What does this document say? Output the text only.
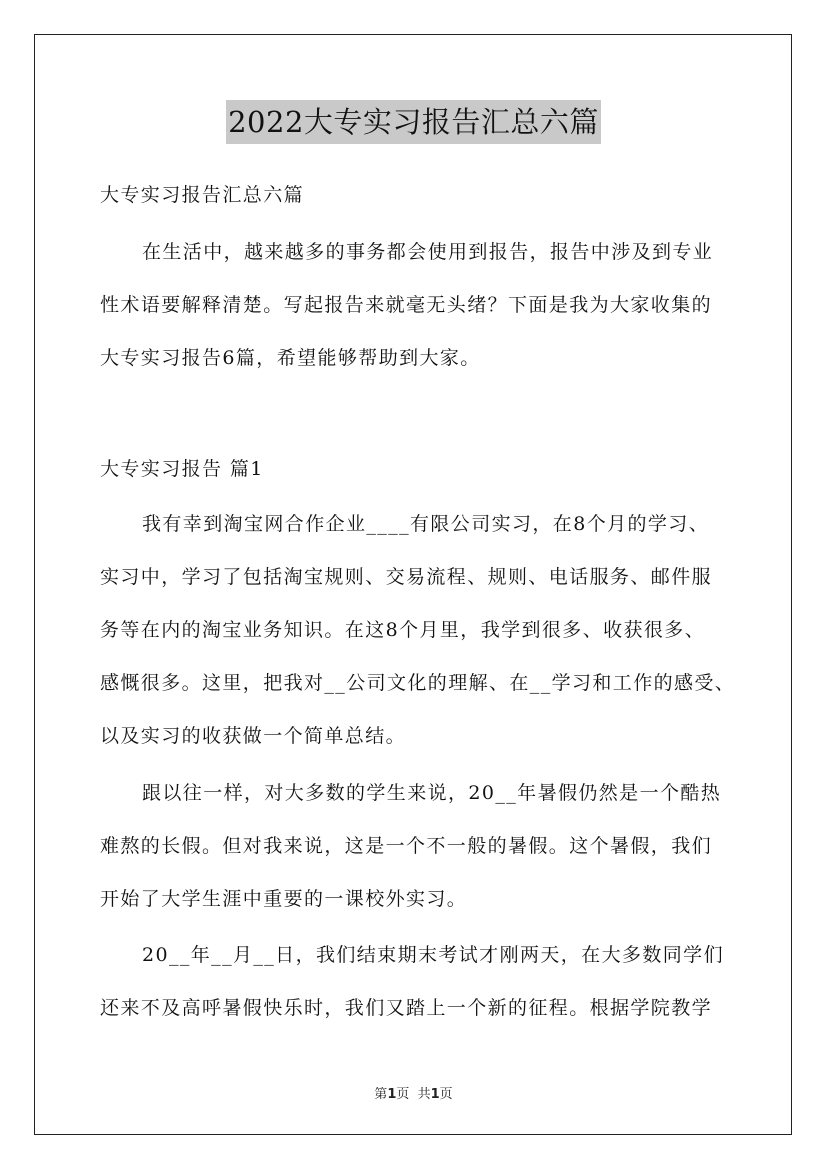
2022大专实习报告汇总六篇
大专实习报告汇总六篇
在生活中，越来越多的事务都会使用到报告，报告中涉及到专业
性术语要解释清楚。写起报告来就毫无头绪？下面是我为大家收集的
大专实习报告6篇，希望能够帮助到大家。
大专实习报告 篇1
我有幸到淘宝网合作企业____有限公司实习，在8个月的学习、
实习中，学习了包括淘宝规则、交易流程、规则、电话服务、邮件服
务等在内的淘宝业务知识。在这8个月里，我学到很多、收获很多、
感慨很多。这里，把我对__公司文化的理解、在__学习和工作的感受、
以及实习的收获做一个简单总结。
跟以往一样，对大多数的学生来说，20__年暑假仍然是一个酷热
难熬的长假。但对我来说，这是一个不一般的暑假。这个暑假，我们
开始了大学生涯中重要的一课校外实习。
20__年__月__日，我们结束期末考试才刚两天，在大多数同学们
还来不及高呼暑假快乐时，我们又踏上一个新的征程。根据学院教学
第1页  共1页
